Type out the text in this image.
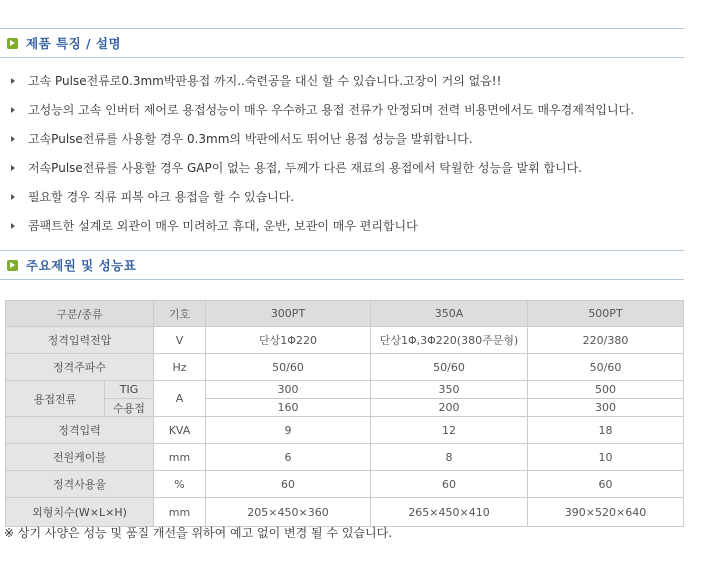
제품 특징 / 설명
고속 Pulse전류로0.3mm박판용접 까지..숙련공을 대신 할 수 있습니다.고장이 거의 없음!!
고성능의 고속 인버터 제어로 용접성능이 매우 우수하고 용접 전류가 안정되며 전력 비용면에서도 매우경제적입니다.
고속Pulse전류를 사용할 경우 0.3mm의 박판에서도 뛰어난 용접 성능을 발휘합니다.
저속Pulse전류를 사용할 경우 GAP이 없는 용접, 두께가 다른 재료의 용접에서 탁월한 성능을 발휘 합니다.
필요할 경우 직류 피복 아크 용접을 할 수 있습니다.
콤팩트한 설계로 외관이 매우 미려하고 휴대, 운반, 보관이 매우 편리합니다
주요제원 및 성능표
구분/종류		기호	300PT	350A	500PT
정격입력전압		V	단상1Φ220	단상1Φ,3Φ220(380주문형)	220/380
정격주파수		Hz	50/60	50/60	50/60
용접전류	TIG	A	300	350	500
	수용접		160	200	300
정격입력		KVA	9	12	18
전원케이블		mm	6	8	10
정격사용율		%	60	60	60
외형치수(W×L×H)		mm	205×450×360	265×450×410	390×520×640
※ 상기 사양은 성능 및 품질 개선을 위하여 예고 없이 변경 될 수 있습니다.
